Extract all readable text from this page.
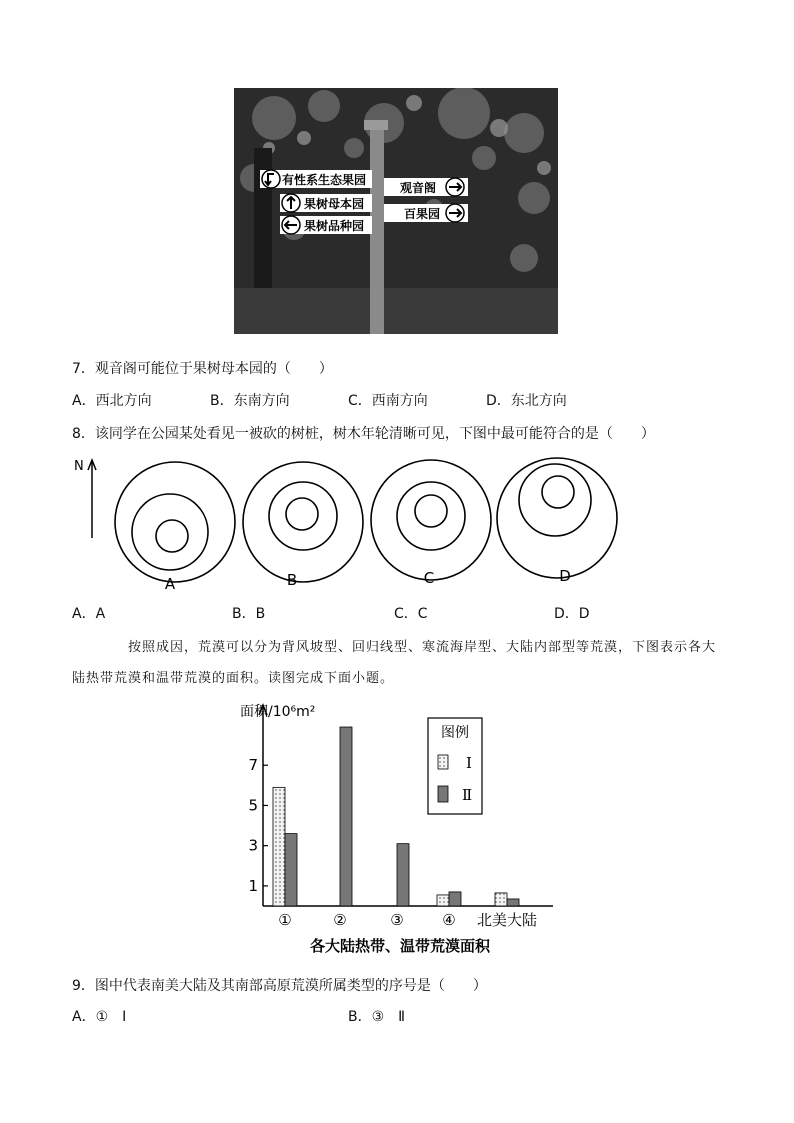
有性系生态果园
果树母本园
果树品种园
观音阁
百果园
7．观音阁可能位于果树母本园的（　　）
A．西北方向	B．东南方向	C．西南方向	D．东北方向
8．该同学在公园某处看见一被砍的树桩，树木年轮清晰可见，下图中最可能符合的是（　　）
N
A	B	C	D
A．A	B．B	C．C	D．D
按照成因，荒漠可以分为背风坡型、回归线型、寒流海岸型、大陆内部型等荒漠，下图表示各大
陆热带荒漠和温带荒漠的面积。读图完成下面小题。
面积/10⁶m²
1
3
5
7
①	②	③	④ 北美大陆
图例
Ⅰ
Ⅱ
各大陆热带、温带荒漠面积
9．图中代表南美大陆及其南部高原荒漠所属类型的序号是（　　）
A．①　Ⅰ	B．③　Ⅱ
